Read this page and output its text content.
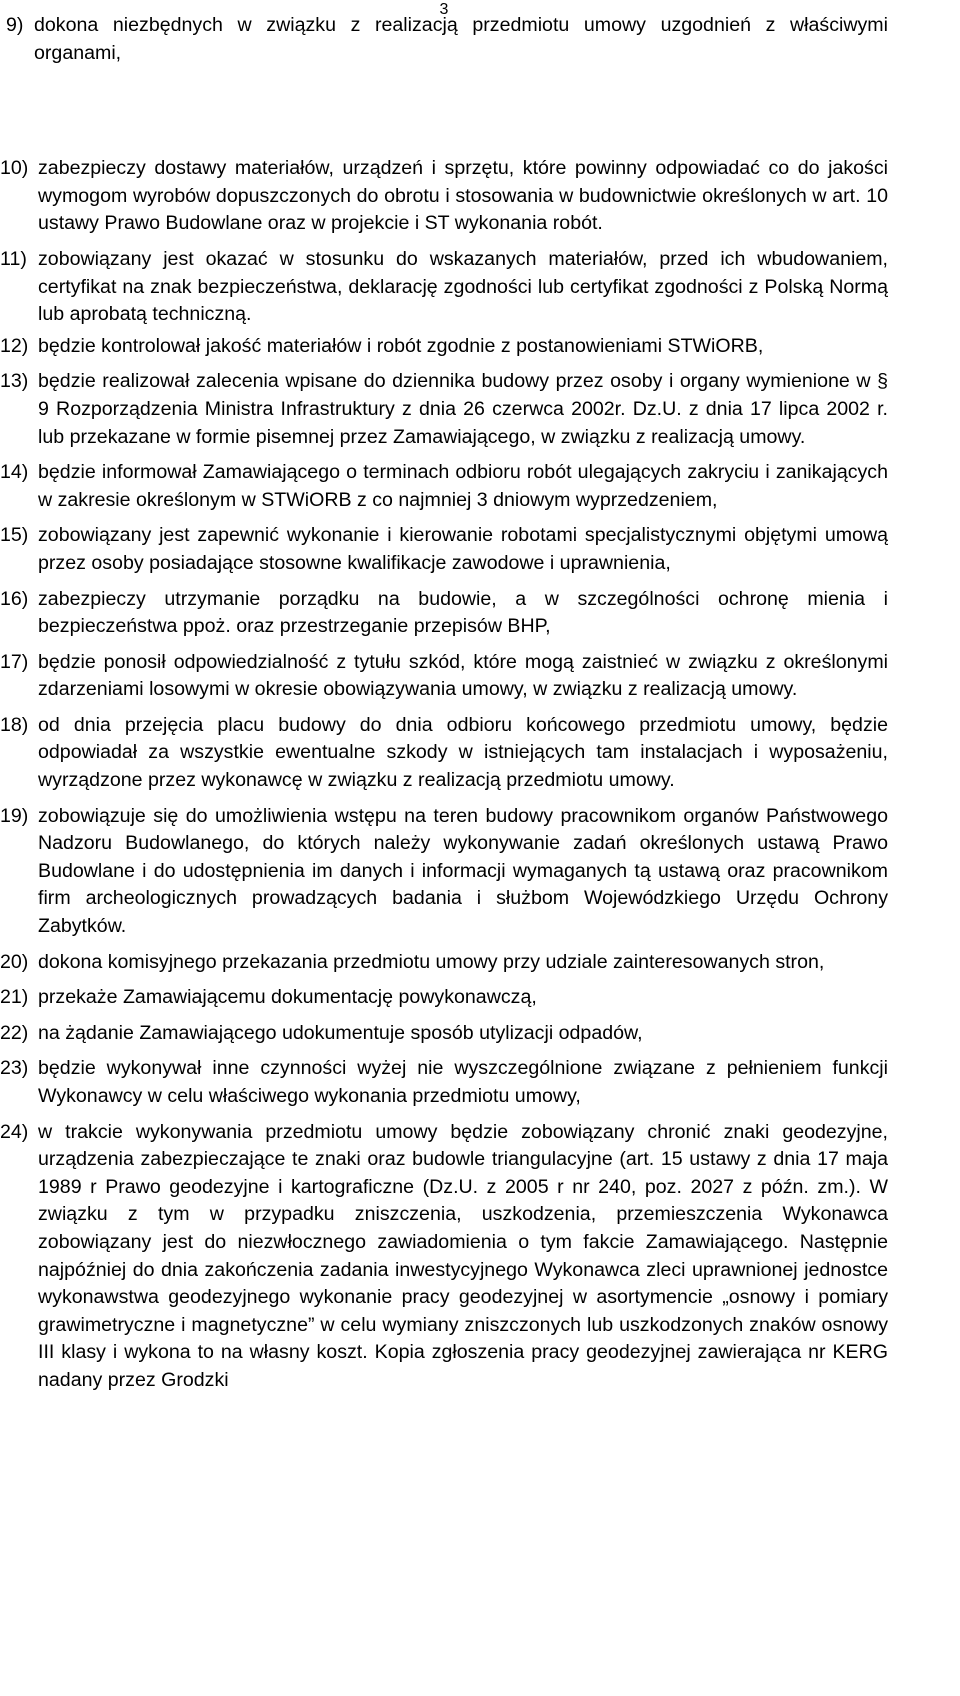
3

9) dokona niezbędnych w związku z realizacją przedmiotu umowy uzgodnień z właściwymi organami,

10) zabezpieczy dostawy materiałów, urządzeń i sprzętu, które powinny odpowiadać co do jakości wymogom wyrobów dopuszczonych do obrotu i stosowania w budownictwie określonych w art. 10 ustawy Prawo Budowlane oraz w projekcie i ST wykonania robót.

11) zobowiązany jest okazać w stosunku do wskazanych materiałów, przed ich wbudowaniem, certyfikat na znak bezpieczeństwa, deklarację zgodności lub certyfikat zgodności z Polską Normą lub aprobatą techniczną.

12) będzie kontrolował jakość materiałów i robót zgodnie z postanowieniami STWiORB,

13) będzie realizował zalecenia wpisane do dziennika budowy przez osoby i organy wymienione w § 9 Rozporządzenia Ministra Infrastruktury z dnia 26 czerwca 2002r. Dz.U. z dnia 17 lipca 2002 r. lub przekazane w formie pisemnej przez Zamawiającego, w związku z realizacją umowy.

14) będzie informował Zamawiającego o terminach odbioru robót ulegających zakryciu i zanikających w zakresie określonym w STWiORB z co najmniej 3 dniowym wyprzedzeniem,

15) zobowiązany jest zapewnić wykonanie i kierowanie robotami specjalistycznymi objętymi umową przez osoby posiadające stosowne kwalifikacje zawodowe i uprawnienia,

16) zabezpieczy utrzymanie porządku na budowie, a w szczególności ochronę mienia i bezpieczeństwa ppoż. oraz przestrzeganie przepisów BHP,

17) będzie ponosił odpowiedzialność z tytułu szkód, które mogą zaistnieć w związku z określonymi zdarzeniami losowymi w okresie obowiązywania umowy, w związku z realizacją umowy.

18) od dnia przejęcia placu budowy do dnia odbioru końcowego przedmiotu umowy, będzie odpowiadał za wszystkie ewentualne szkody w istniejących tam instalacjach i wyposażeniu, wyrządzone przez wykonawcę w związku z realizacją przedmiotu umowy.

19) zobowiązuje się do umożliwienia wstępu na teren budowy pracownikom organów Państwowego Nadzoru Budowlanego, do których należy wykonywanie zadań określonych ustawą Prawo Budowlane i do udostępnienia im danych i informacji wymaganych tą ustawą oraz pracownikom firm archeologicznych prowadzących badania i służbom Wojewódzkiego Urzędu Ochrony Zabytków.

20) dokona komisyjnego przekazania przedmiotu umowy przy udziale zainteresowanych stron,

21) przekaże Zamawiającemu dokumentację powykonawczą,

22) na żądanie Zamawiającego udokumentuje sposób utylizacji odpadów,

23) będzie wykonywał inne czynności wyżej nie wyszczególnione związane z pełnieniem funkcji Wykonawcy w celu właściwego wykonania przedmiotu umowy,

24) w trakcie wykonywania przedmiotu umowy będzie zobowiązany chronić znaki geodezyjne, urządzenia zabezpieczające te znaki oraz budowle triangulacyjne (art. 15 ustawy z dnia 17 maja 1989 r Prawo geodezyjne i kartograficzne (Dz.U. z 2005 r nr 240, poz. 2027 z późn. zm.). W związku z tym w przypadku zniszczenia, uszkodzenia, przemieszczenia Wykonawca zobowiązany jest do niezwłocznego zawiadomienia o tym fakcie Zamawiającego. Następnie najpóźniej do dnia zakończenia zadania inwestycyjnego Wykonawca zleci uprawnionej jednostce wykonawstwa geodezyjnego wykonanie pracy geodezyjnej w asortymencie „osnowy i pomiary grawimetryczne i magnetyczne” w celu wymiany zniszczonych lub uszkodzonych znaków osnowy III klasy i wykona to na własny koszt. Kopia zgłoszenia pracy geodezyjnej zawierająca nr KERG nadany przez Grodzki
